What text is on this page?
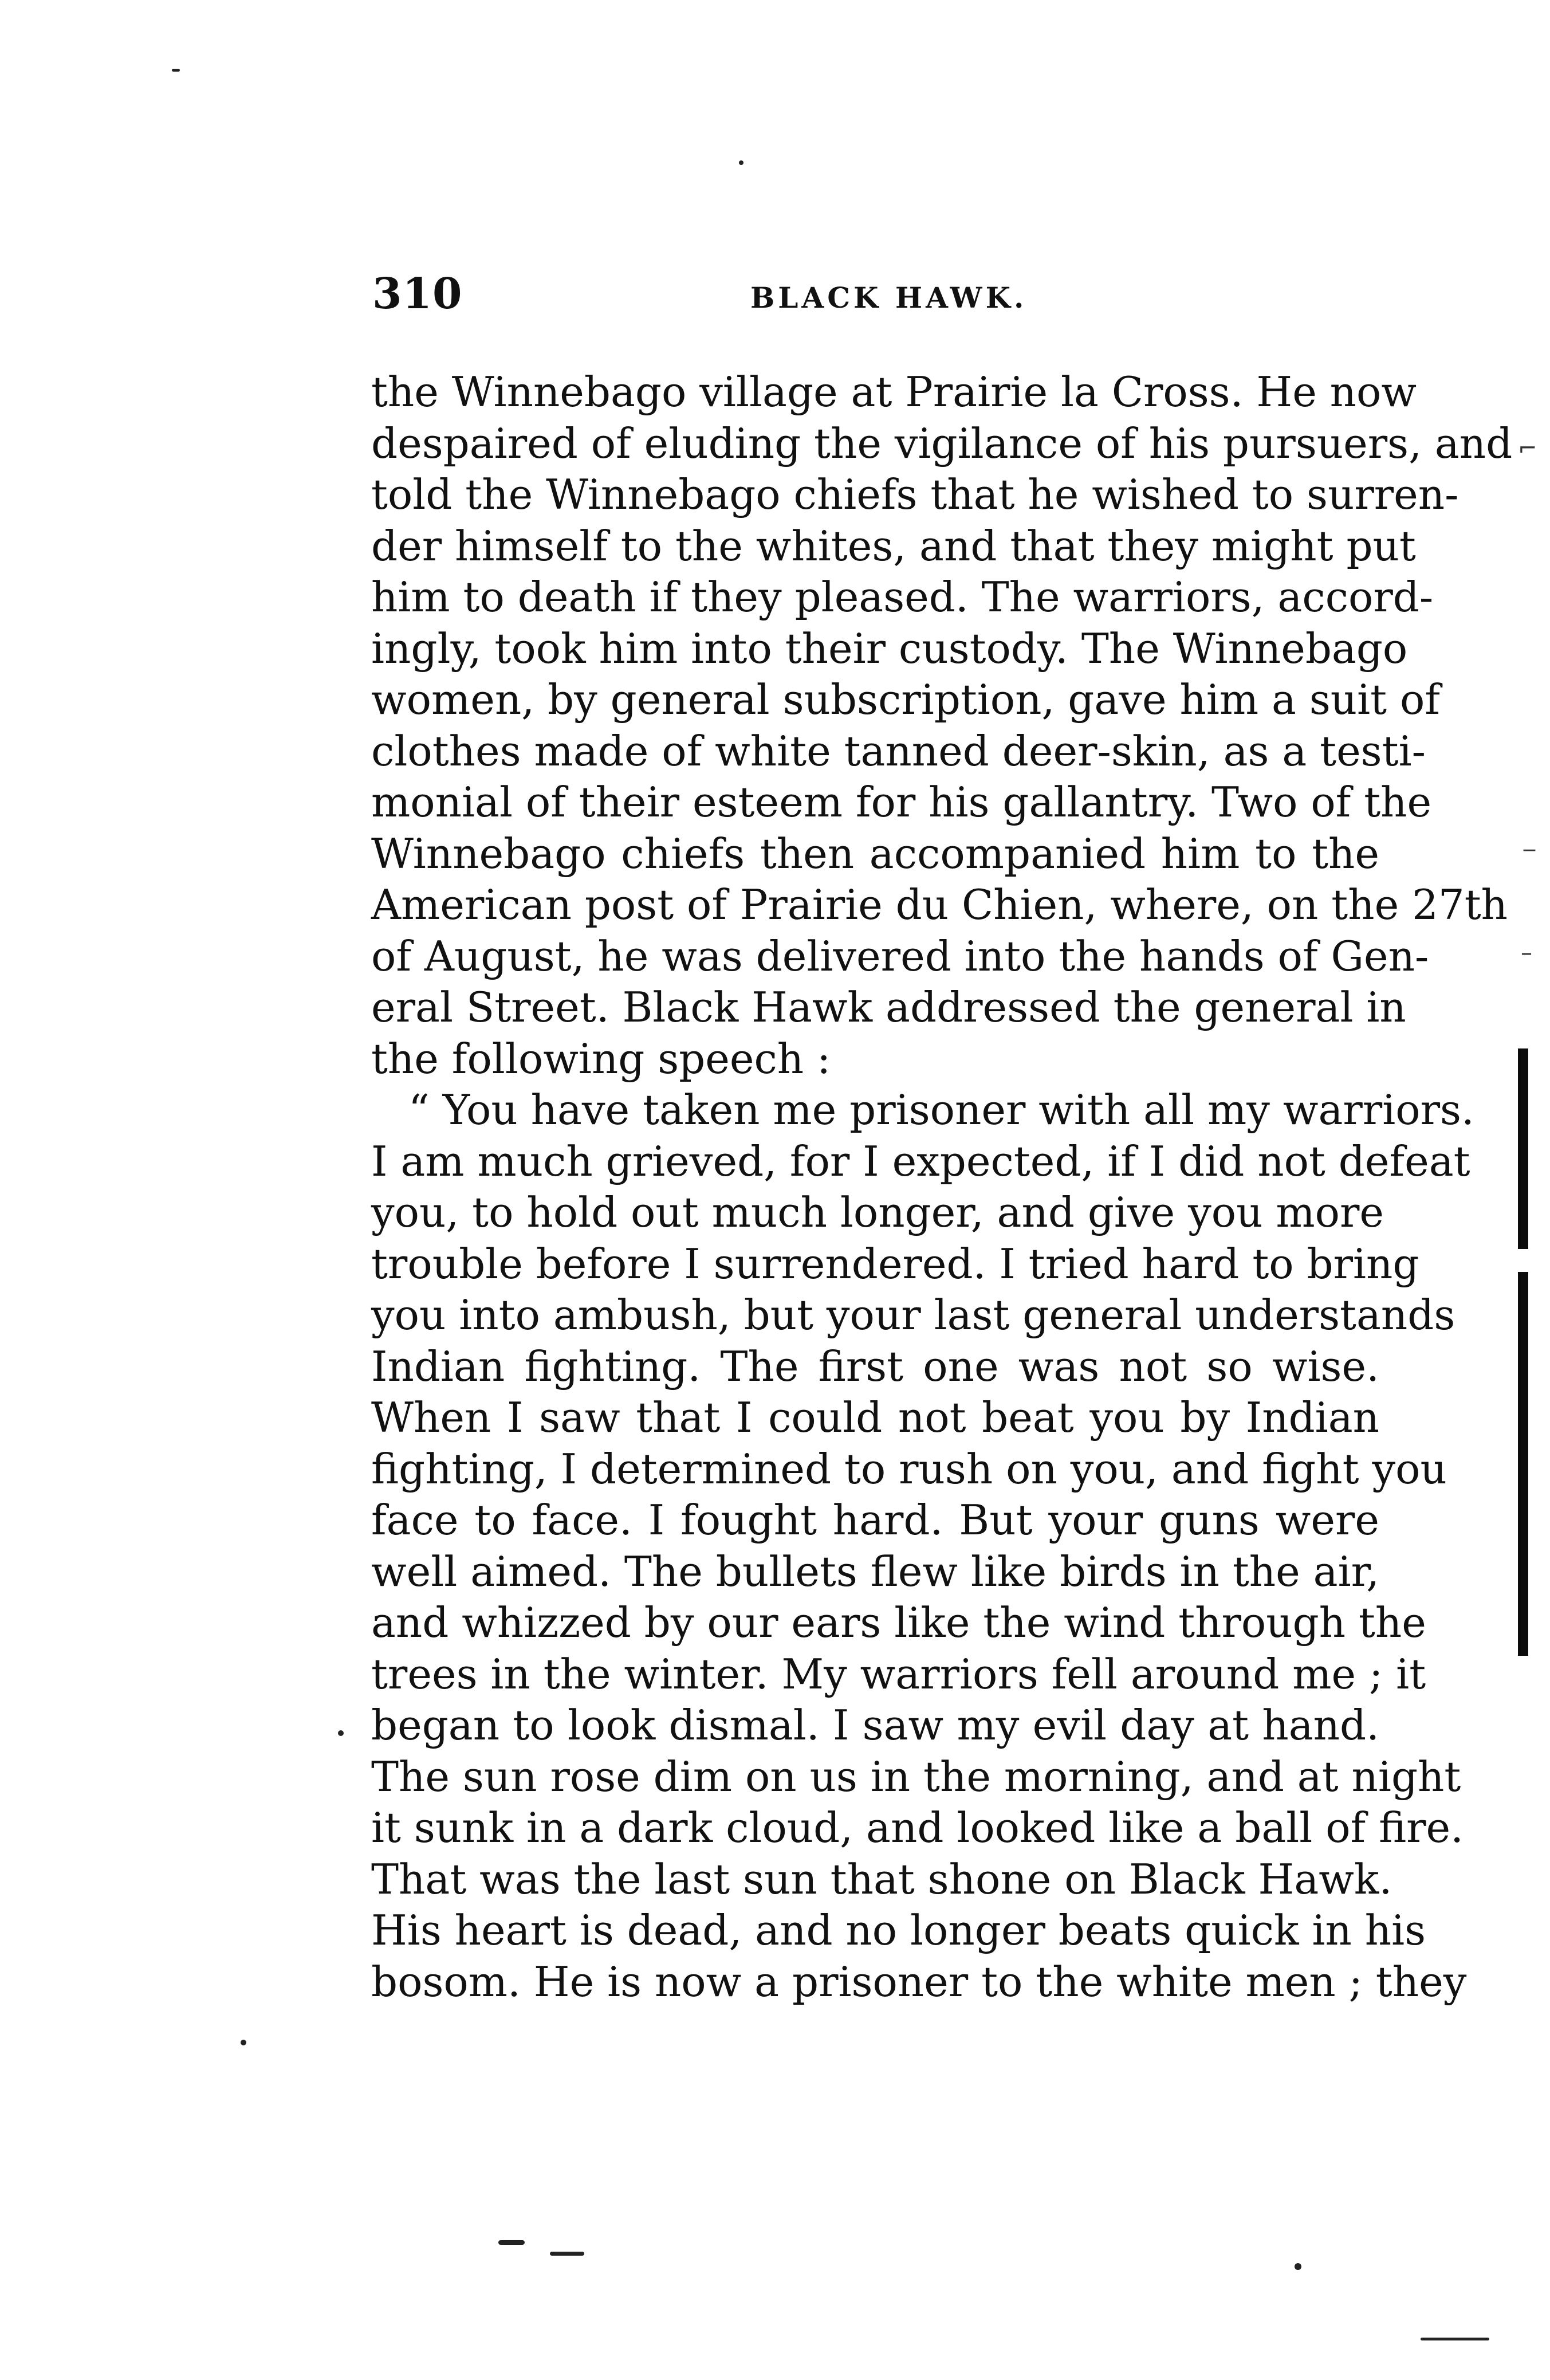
310	BLACK HAWK.
the Winnebago village at Prairie la Cross. He now
despaired of eluding the vigilance of his pursuers, and
told the Winnebago chiefs that he wished to surren-
der himself to the whites, and that they might put
him to death if they pleased. The warriors, accord-
ingly, took him into their custody. The Winnebago
women, by general subscription, gave him a suit of
clothes made of white tanned deer-skin, as a testi-
monial of their esteem for his gallantry. Two of the
Winnebago chiefs then accompanied him to the
American post of Prairie du Chien, where, on the 27th
of August, he was delivered into the hands of Gen-
eral Street. Black Hawk addressed the general in
the following speech :
“ You have taken me prisoner with all my warriors.
I am much grieved, for I expected, if I did not defeat
you, to hold out much longer, and give you more
trouble before I surrendered. I tried hard to bring
you into ambush, but your last general understands
Indian fighting. The first one was not so wise.
When I saw that I could not beat you by Indian
fighting, I determined to rush on you, and fight you
face to face. I fought hard. But your guns were
well aimed. The bullets flew like birds in the air,
and whizzed by our ears like the wind through the
trees in the winter. My warriors fell around me ; it
began to look dismal. I saw my evil day at hand.
The sun rose dim on us in the morning, and at night
it sunk in a dark cloud, and looked like a ball of fire.
That was the last sun that shone on Black Hawk.
His heart is dead, and no longer beats quick in his
bosom. He is now a prisoner to the white men ; they
⌐
_
–
